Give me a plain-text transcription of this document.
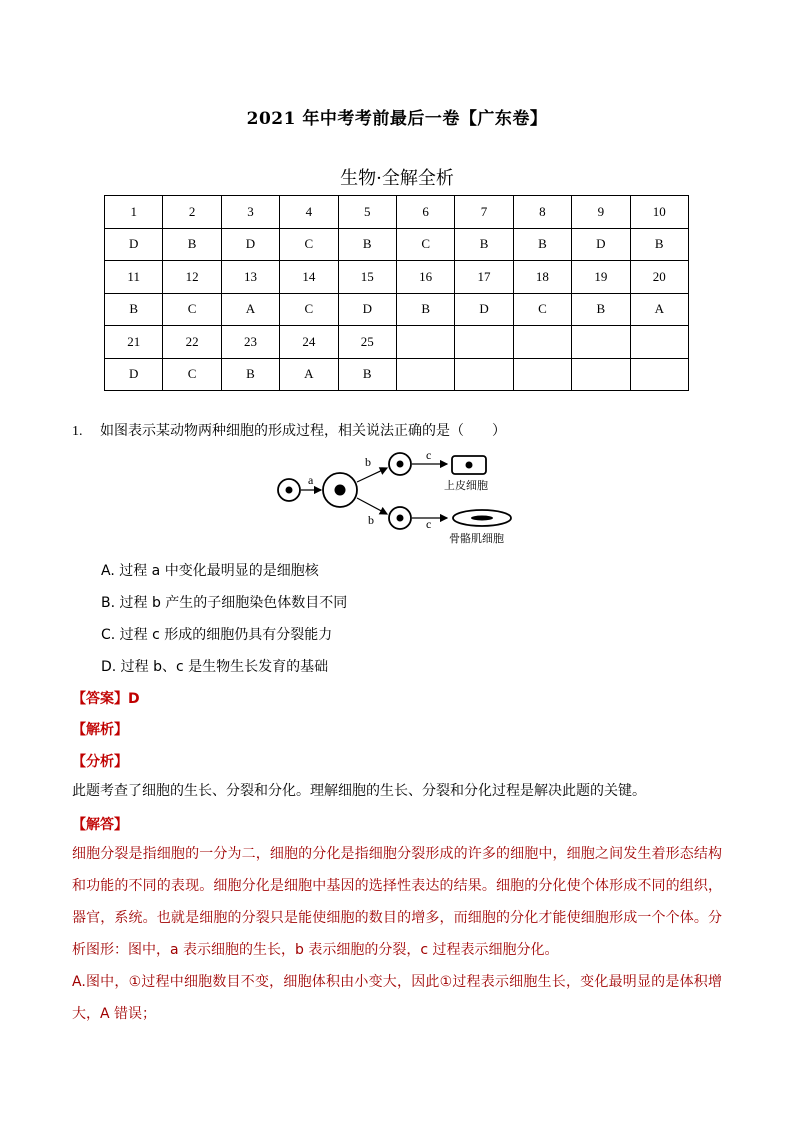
2021 年中考考前最后一卷【广东卷】
生物·全解全析
1	2	3	4	5	6	7	8	9	10
D	B	D	C	B	C	B	B	D	B
11	12	13	14	15	16	17	18	19	20
B	C	A	C	D	B	D	C	B	A
21	22	23	24	25					
D	C	B	A	B					
1. 如图表示某动物两种细胞的形成过程，相关说法正确的是（　　）
a
b
b
c
c
上皮细胞
骨骼肌细胞
A. 过程 a 中变化最明显的是细胞核
B. 过程 b 产生的子细胞染色体数目不同
C. 过程 c 形成的细胞仍具有分裂能力
D. 过程 b、c 是生物生长发育的基础
【答案】D
【解析】
【分析】
此题考查了细胞的生长、分裂和分化。理解细胞的生长、分裂和分化过程是解决此题的关键。
【解答】
细胞分裂是指细胞的一分为二，细胞的分化是指细胞分裂形成的许多的细胞中，细胞之间发生着形态结构和功能的不同的表现。细胞分化是细胞中基因的选择性表达的结果。细胞的分化使个体形成不同的组织，器官，系统。也就是细胞的分裂只是能使细胞的数目的增多，而细胞的分化才能使细胞形成一个个体。分析图形：图中，a 表示细胞的生长，b 表示细胞的分裂，c 过程表示细胞分化。
A.图中，①过程中细胞数目不变，细胞体积由小变大，因此①过程表示细胞生长，变化最明显的是体积增大，A 错误；
